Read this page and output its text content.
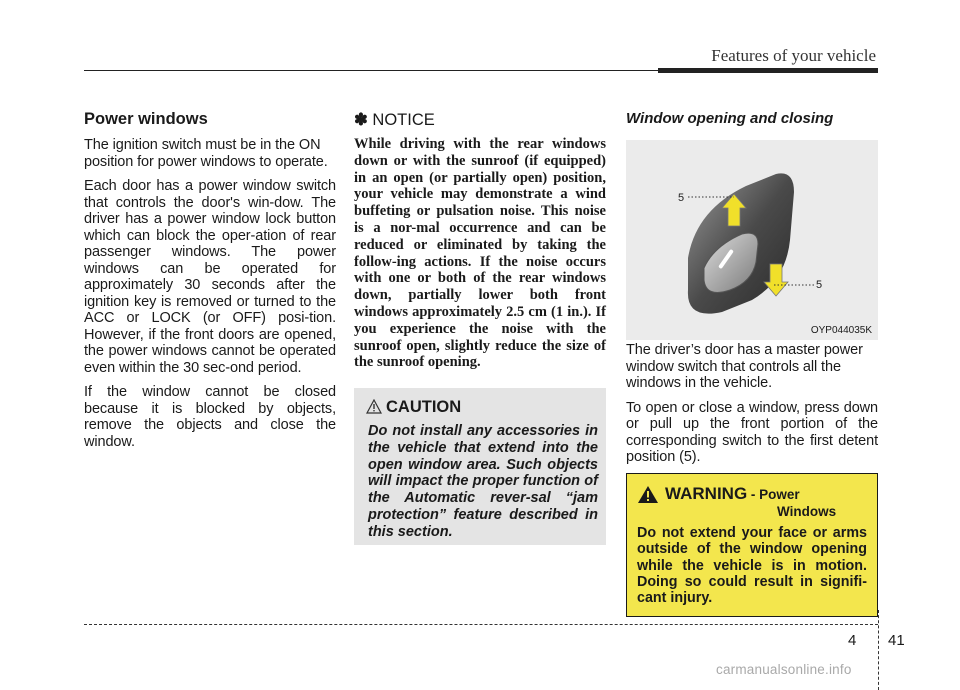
Features of your vehicle
Power windows

The ignition switch must be in the ON position for power windows to operate.

Each door has a power window switch that controls the door's win-dow. The driver has a power window lock button which can block the oper-ation of rear passenger windows. The power windows can be operated for approximately 30 seconds after the ignition key is removed or turned to the ACC or LOCK (or OFF) posi-tion. However, if the front doors are opened, the power windows cannot be operated even within the 30 sec-ond period.

If the window cannot be closed because it is blocked by objects, remove the objects and close the window.

✽ NOTICE

While driving with the rear windows down or with the sunroof (if equipped) in an open (or partially open) position, your vehicle may demonstrate a wind buffeting or pulsation noise. This noise is a nor-mal occurrence and can be reduced or eliminated by taking the follow-ing actions. If the noise occurs with one or both of the rear windows down, partially lower both front windows approximately 2.5 cm (1 in.). If you experience the noise with the sunroof open, slightly reduce the size of the sunroof opening.

CAUTION

Do not install any accessories in the vehicle that extend into the open window area. Such objects will impact the proper function of the Automatic rever-sal “jam protection” feature described in this section.

Window opening and closing
5
5
OYP044035K

The driver’s door has a master power window switch that controls all the windows in the vehicle.

To open or close a window, press down or pull up the front portion of the corresponding switch to the first detent position (5).

WARNING - Power
Windows

Do not extend your face or arms outside of the window opening while the vehicle is in motion. Doing so could result in signifi-cant injury.

4 41
carmanualsonline.info
